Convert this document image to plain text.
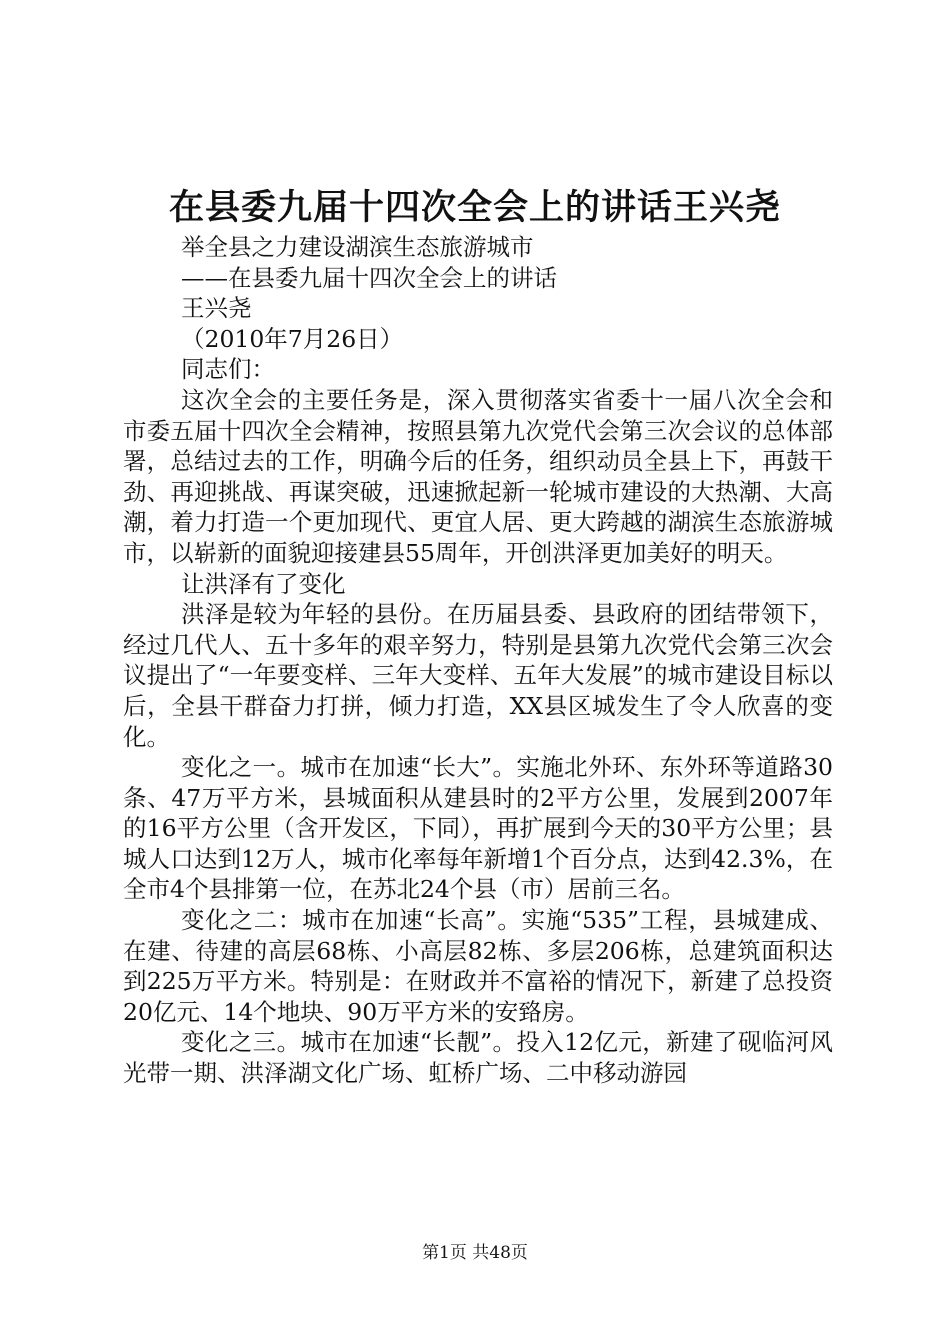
在县委九届十四次全会上的讲话王兴尧

举全县之力建设湖滨生态旅游城市

——在县委九届十四次全会上的讲话

王兴尧

（2010年7月26日）

同志们：

这次全会的主要任务是，深入贯彻落实省委十一届八次全会和市委五届十四次全会精神，按照县第九次党代会第三次会议的总体部署，总结过去的工作，明确今后的任务，组织动员全县上下，再鼓干劲、再迎挑战、再谋突破，迅速掀起新一轮城市建设的大热潮、大高潮，着力打造一个更加现代、更宜人居、更大跨越的湖滨生态旅游城市，以崭新的面貌迎接建县55周年，开创洪泽更加美好的明天。

让洪泽有了变化

洪泽是较为年轻的县份。在历届县委、县政府的团结带领下，经过几代人、五十多年的艰辛努力，特别是县第九次党代会第三次会议提出了“一年要变样、三年大变样、五年大发展”的城市建设目标以后，全县干群奋力打拼，倾力打造，XX县区城发生了令人欣喜的变化。

变化之一。城市在加速“长大”。实施北外环、东外环等道路30条、47万平方米，县城面积从建县时的2平方公里，发展到2007年的16平方公里（含开发区，下同），再扩展到今天的30平方公里；县城人口达到12万人，城市化率每年新增1个百分点，达到42.3%，在全市4个县排第一位，在苏北24个县（市）居前三名。

变化之二：城市在加速“长高”。实施“535”工程，县城建成、在建、待建的高层68栋、小高层82栋、多层206栋，总建筑面积达到225万平方米。特别是：在财政并不富裕的情况下，新建了总投资20亿元、14个地块、90万平方米的安臵房。

变化之三。城市在加速“长靓”。投入12亿元，新建了砚临河风光带一期、洪泽湖文化广场、虹桥广场、二中移动游园

第1页 共48页
